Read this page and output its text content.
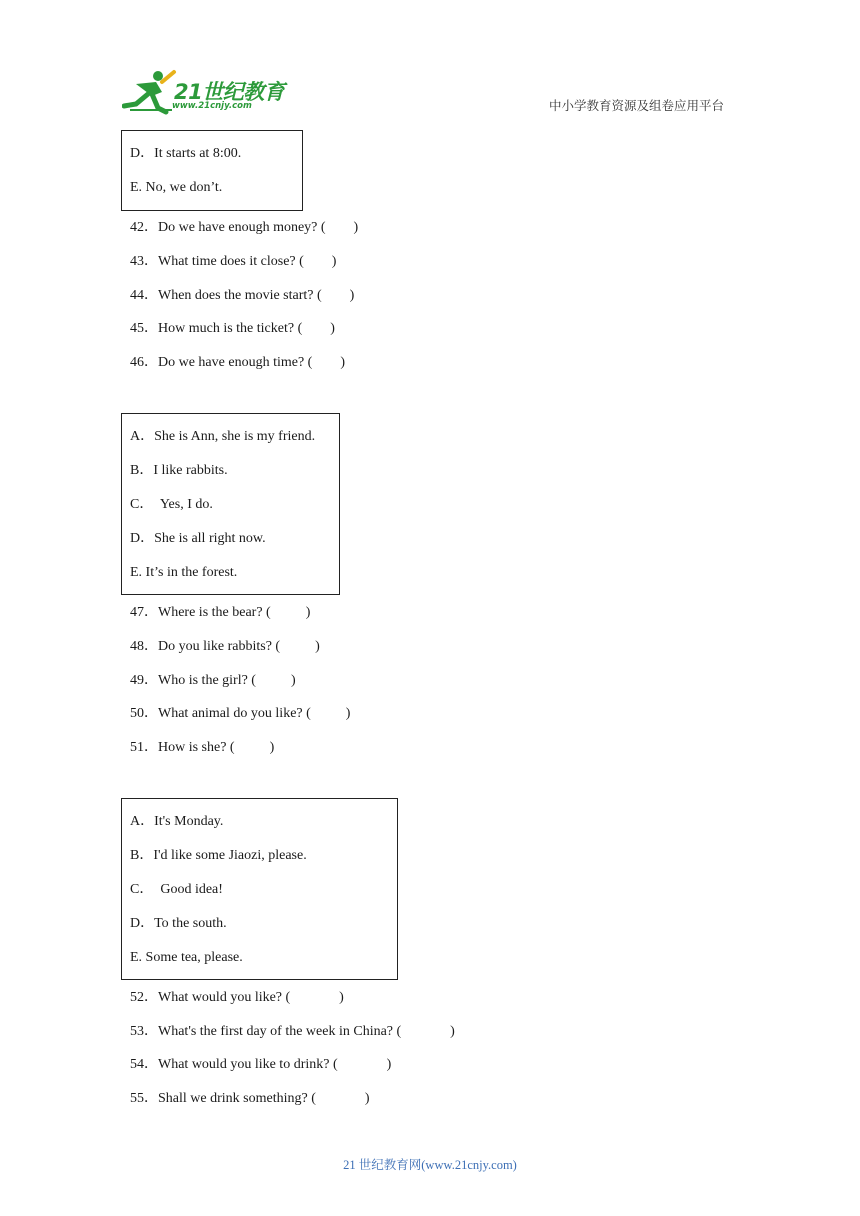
21世纪教育
www.21cnjy.com	中小学教育资源及组卷应用平台
D．It starts at 8:00.
E. No, we don’t.
42．Do we have enough money? (        )
43．What time does it close? (        )
44．When does the movie start? (        )
45．How much is the ticket? (        )
46．Do we have enough time? (        )
A．She is Ann, she is my friend.
B．I like rabbits.
C．  Yes, I do.
D．She is all right now.
E. It’s in the forest.
47．Where is the bear? (          )
48．Do you like rabbits? (          )
49．Who is the girl? (          )
50．What animal do you like? (          )
51．How is she? (          )
A．It's Monday.
B．I'd like some Jiaozi, please.
C．  Good idea!
D．To the south.
E. Some tea, please.
52．What would you like? (              )
53．What's the first day of the week in China? (              )
54．What would you like to drink? (              )
55．Shall we drink something? (              )
21 世纪教育网(www.21cnjy.com)
